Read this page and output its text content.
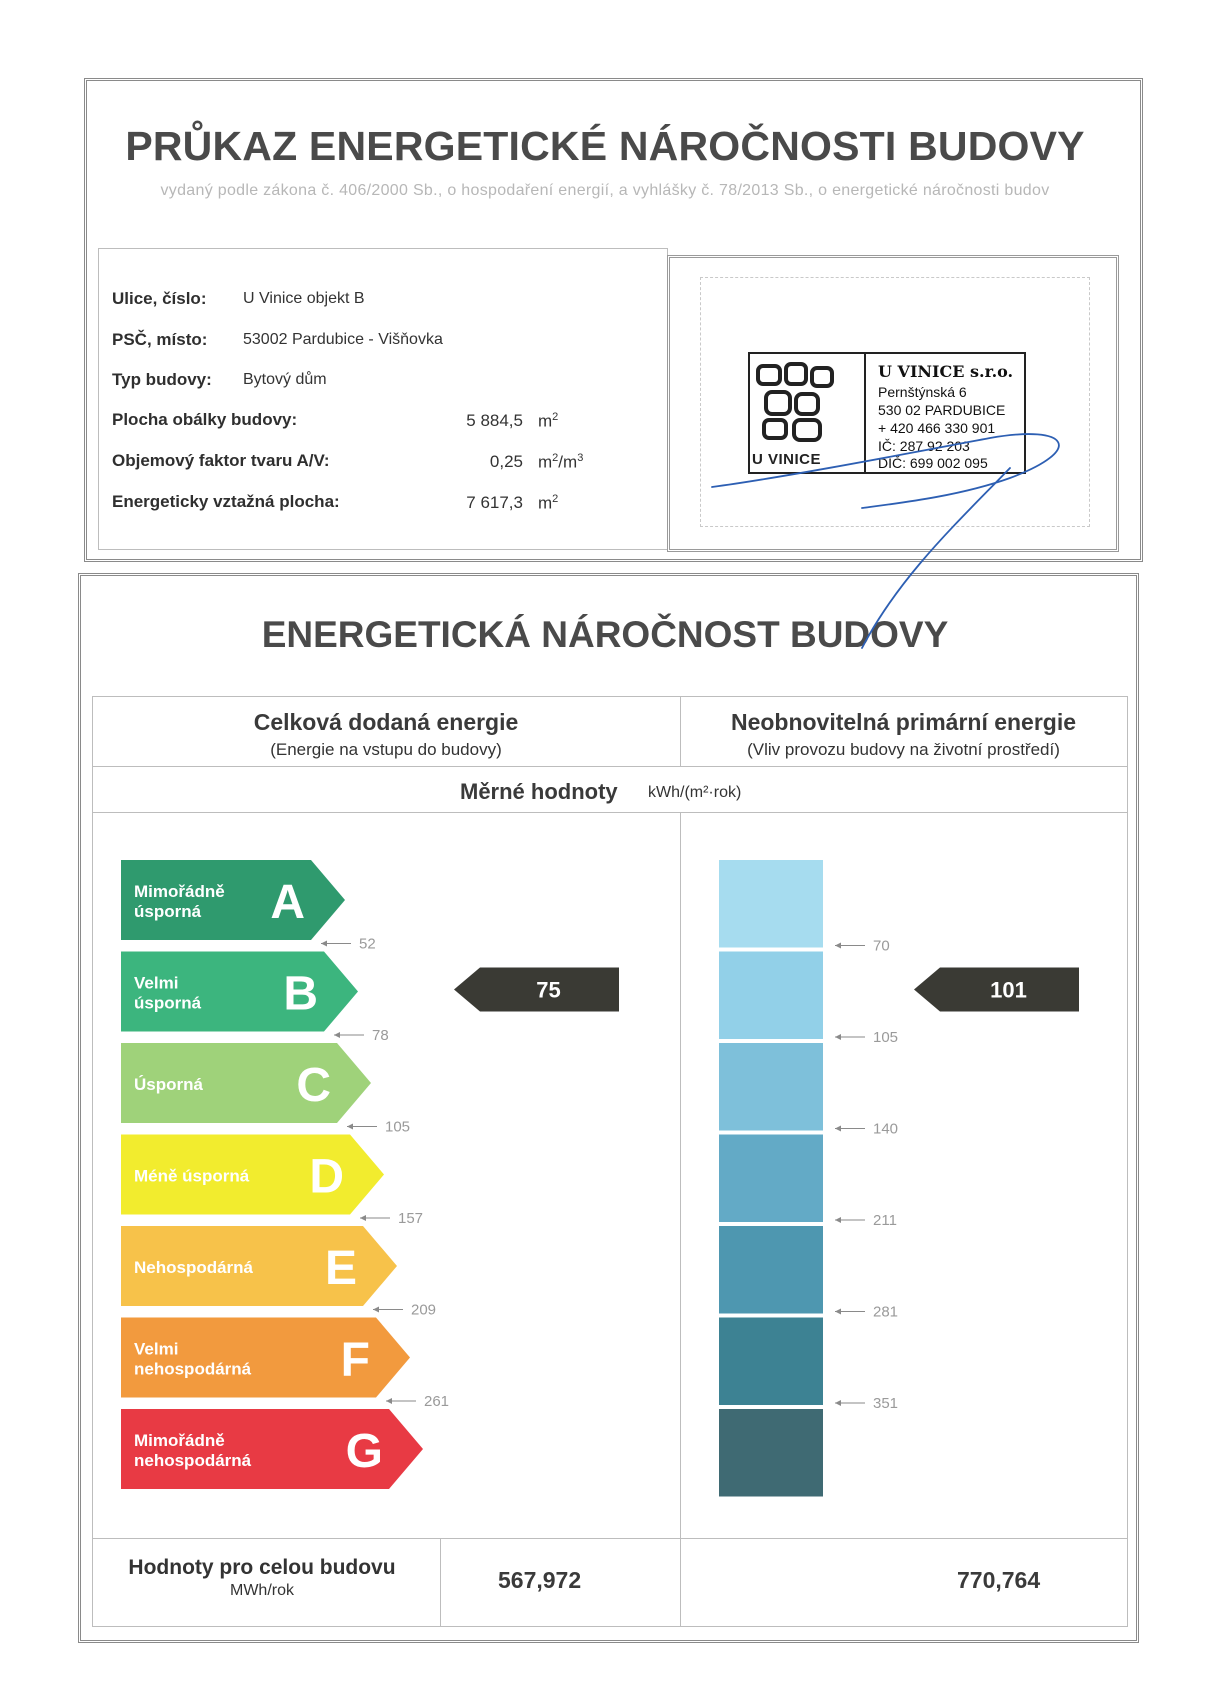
PRŮKAZ ENERGETICKÉ NÁROČNOSTI BUDOVY
vydaný podle zákona č. 406/2000 Sb., o hospodaření energií, a vyhlášky č. 78/2013 Sb., o energetické náročnosti budov
Ulice, číslo: U Vinice objekt B
PSČ, místo: 53002 Pardubice - Višňovka
Typ budovy: Bytový dům
Plocha obálky budovy:	5 884,5 $m^2$
Objemový faktor tvaru A/V:	0,25 $m^2/m^3$
Energeticky vztažná plocha:	7 617,3 $m^2$
U VINICE
U VINICE s.r.o.
Pernštýnská 6
530 02 PARDUBICE
+ 420 466 330 901
IČ: 287 92 203
DIČ: 699 002 095
ENERGETICKÁ NÁROČNOST BUDOVY
Celková dodaná energie
(Energie na vstupu do budovy)
Neobnovitelná primární energie
(Vliv provozu budovy na životní prostředí)
Měrné hodnoty kWh/(m²·rok)
Mimořádně
úsporná A
Velmi
úsporná B
Úsporná C
Méně úsporná D
Nehospodárná E
Velmi
nehospodárná F
Mimořádně
nehospodárná G
52
78
105
157
209
261
75
70
105
140
211
281
351
101
Hodnoty pro celou budovu
MWh/rok	567,972	770,764
